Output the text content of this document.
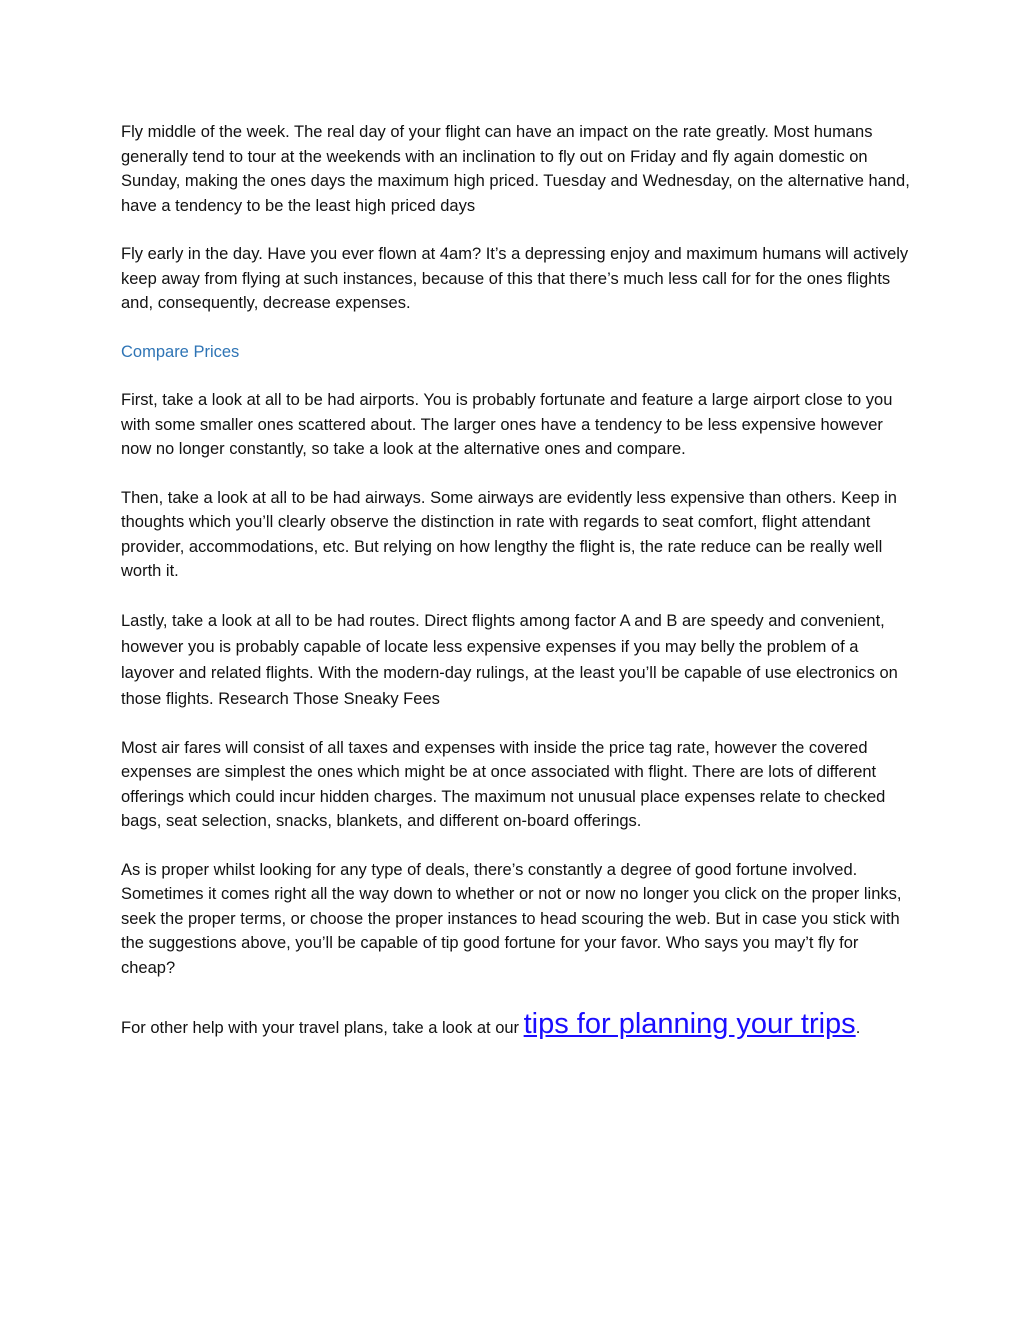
Fly middle of the week. The real day of your flight can have an impact on the rate greatly. Most humans generally tend to tour at the weekends with an inclination to fly out on Friday and fly again domestic on Sunday, making the ones days the maximum high priced. Tuesday and Wednesday, on the alternative hand, have a tendency to be the least high priced days

Fly early in the day. Have you ever flown at 4am? It’s a depressing enjoy and maximum humans will actively keep away from flying at such instances, because of this that there’s much less call for for the ones flights and, consequently, decrease expenses.

Compare Prices

First, take a look at all to be had airports. You is probably fortunate and feature a large airport close to you with some smaller ones scattered about. The larger ones have a tendency to be less expensive however now no longer constantly, so take a look at the alternative ones and compare.

Then, take a look at all to be had airways. Some airways are evidently less expensive than others. Keep in thoughts which you’ll clearly observe the distinction in rate with regards to seat comfort, flight attendant provider, accommodations, etc. But relying on how lengthy the flight is, the rate reduce can be really well worth it.

Lastly, take a look at all to be had routes. Direct flights among factor A and B are speedy and convenient, however you is probably capable of locate less expensive expenses if you may belly the problem of a layover and related flights. With the modern-day rulings, at the least you’ll be capable of use electronics on those flights. Research Those Sneaky Fees

Most air fares will consist of all taxes and expenses with inside the price tag rate, however the covered expenses are simplest the ones which might be at once associated with flight. There are lots of different offerings which could incur hidden charges. The maximum not unusual place expenses relate to checked bags, seat selection, snacks, blankets, and different on-board offerings.

As is proper whilst looking for any type of deals, there’s constantly a degree of good fortune involved. Sometimes it comes right all the way down to whether or not or now no longer you click on the proper links, seek the proper terms, or choose the proper instances to head scouring the web. But in case you stick with the suggestions above, you’ll be capable of tip good fortune for your favor. Who says you may’t fly for cheap?

For other help with your travel plans, take a look at our tips for planning your trips.
